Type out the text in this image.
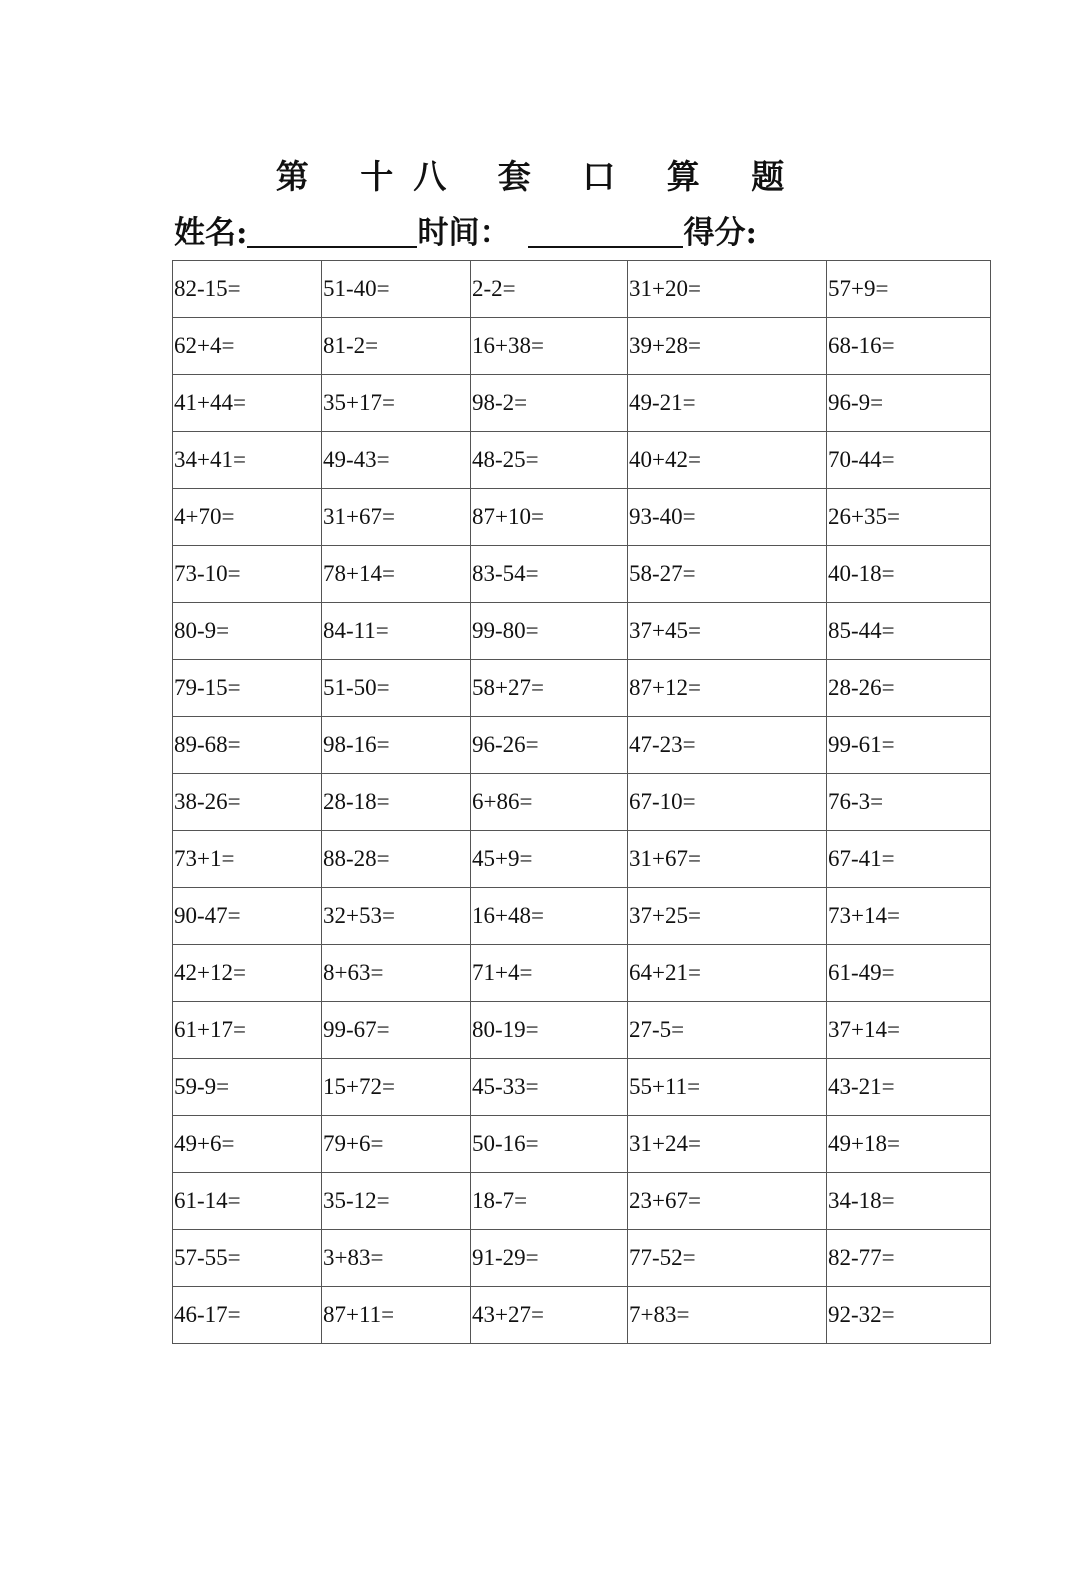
第 十八 套 口 算 题
姓名:	时间：	得分:
82-15=	51-40=	2-2=	31+20=	57+9=
62+4=	81-2=	16+38=	39+28=	68-16=
41+44=	35+17=	98-2=	49-21=	96-9=
34+41=	49-43=	48-25=	40+42=	70-44=
4+70=	31+67=	87+10=	93-40=	26+35=
73-10=	78+14=	83-54=	58-27=	40-18=
80-9=	84-11=	99-80=	37+45=	85-44=
79-15=	51-50=	58+27=	87+12=	28-26=
89-68=	98-16=	96-26=	47-23=	99-61=
38-26=	28-18=	6+86=	67-10=	76-3=
73+1=	88-28=	45+9=	31+67=	67-41=
90-47=	32+53=	16+48=	37+25=	73+14=
42+12=	8+63=	71+4=	64+21=	61-49=
61+17=	99-67=	80-19=	27-5=	37+14=
59-9=	15+72=	45-33=	55+11=	43-21=
49+6=	79+6=	50-16=	31+24=	49+18=
61-14=	35-12=	18-7=	23+67=	34-18=
57-55=	3+83=	91-29=	77-52=	82-77=
46-17=	87+11=	43+27=	7+83=	92-32=
